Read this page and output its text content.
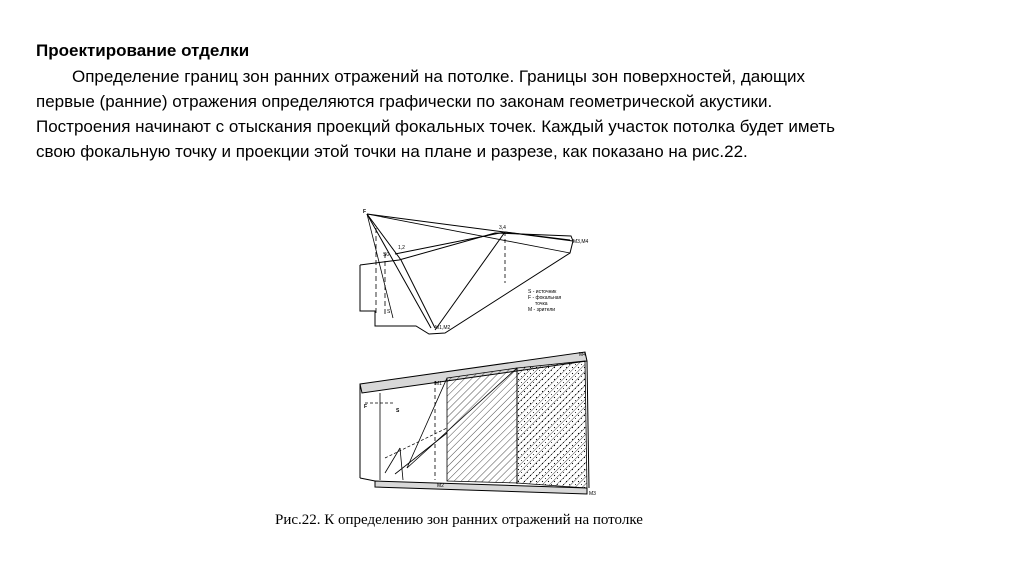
Проектирование отделки
Определение границ зон ранних отражений на потолке. Границы зон поверхностей, дающих
первые (ранние) отражения определяются графически по законам геометрической акустики.
Построения начинают с отыскания проекций фокальных точек. Каждый участок потолка будет иметь
свою фокальную точку и проекции этой точки на плане и разрезе, как показано на рис.22.
F
S0
1,2
S
3,4
M3,M4
M1,M2
S - источник
F - фокальная
точка
M - зрители
F
S
M1
M2
M3
M4
Рис.22. К определению зон ранних отражений на потолке
